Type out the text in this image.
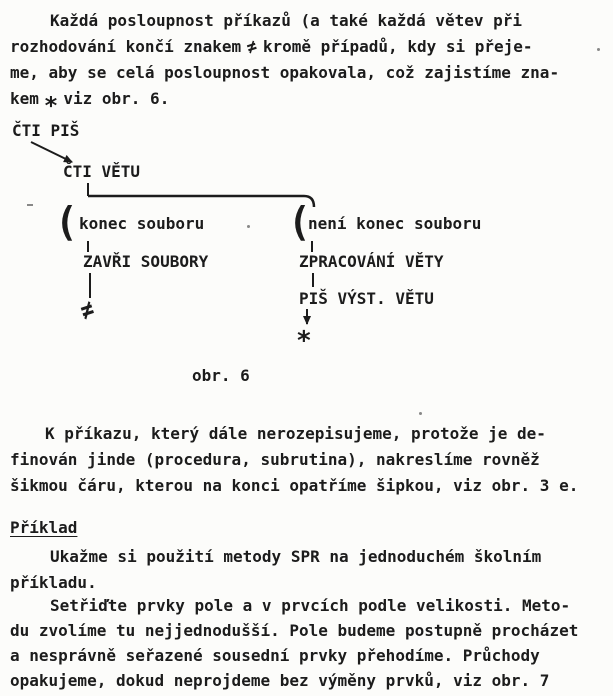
Každá posloupnost příkazů (a také každá větev při
rozhodování končí znakem ≠ kromě případů, kdy si přeje-
me, aby se celá posloupnost opakovala, což zajistíme zna-
kem ∗ viz obr. 6.
ČTI PIŠ
ČTI VĚTU
( konec souboru (
není konec souboru
ZAVŘI SOUBORY	ZPRACOVÁNÍ VĚTY
PIŠ VÝST. VĚTU
≠
∗
obr. 6
K příkazu, který dále nerozepisujeme, protože je de-
finován jinde (procedura, subrutina), nakreslíme rovněž
šikmou čáru, kterou na konci opatříme šipkou, viz obr. 3 e.
Příklad
Ukažme si použití metody SPR na jednoduchém školním
příkladu.
Setřiďte prvky pole a v prvcích podle velikosti. Meto-
du zvolíme tu nejjednodušší. Pole budeme postupně procházet
a nesprávně seřazené sousední prvky přehodíme. Průchody
opakujeme, dokud neprojdeme bez výměny prvků, viz obr. 7
